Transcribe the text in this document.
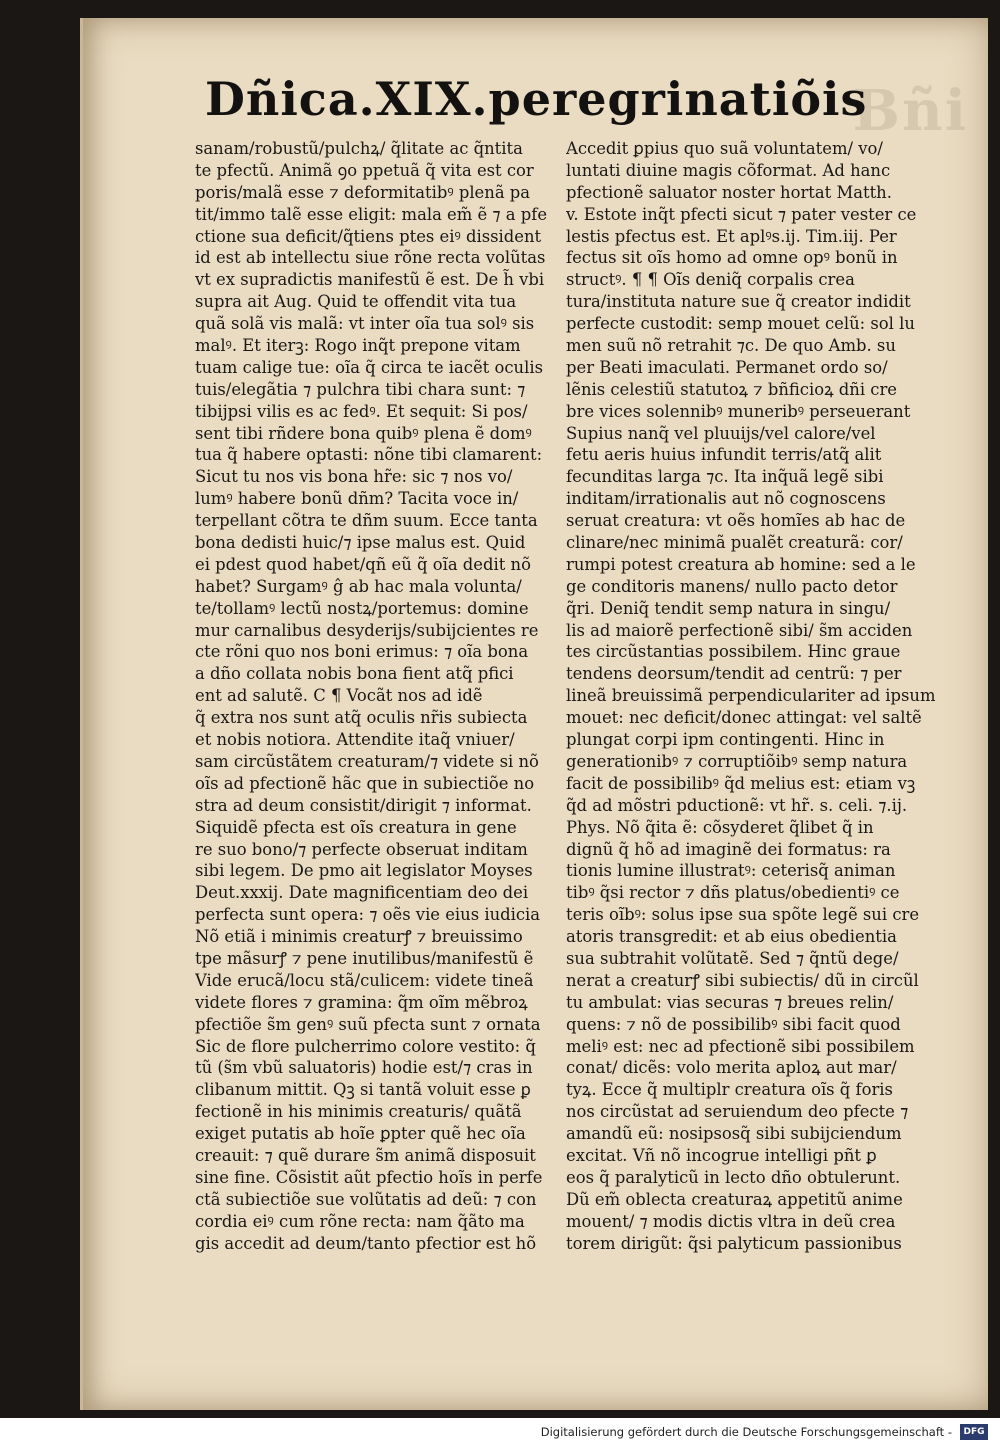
Bñi
Dñica.XIX.peregrinatiõis
sanam/robustũ/pulchꝝ/ q̃litate ac q̃ntita
te pfectũ. Animã ꝯo ppetuã q̃ vita est cor
poris/malã esse ⁊ deformitatibꝰ plenã pa
tit/immo talẽ esse eligit: mala em̃ ẽ ⁊ a pfe
ctione sua deficit/q̃tiens ptes eiꝰ dissident
id est ab intellectu siue rõne recta volũtas
vt ex supradictis manifestũ ẽ est. De h̃ vbi
supra ait Aug. Quid te offendit vita tua
quã solã vis malã: vt inter oĩa tua solꝰ sis
malꝰ. Et iterꝫ: Rogo inq̃t prepone vitam
tuam calige tue: oĩa q̃ circa te iacẽt oculis
tuis/elegãtia ⁊ pulchra tibi chara sunt: ⁊
tibijpsi vilis es ac fedꝰ. Et sequit: Si pos/
sent tibi rñdere bona quibꝰ plena ẽ domꝰ
tua q̃ habere optasti: nõne tibi clamarent:
Sicut tu nos vis bona hr̃e: sic ⁊ nos vo/
lumꝰ habere bonũ dñm? Tacita voce in/
terpellant cõtra te dñm suum. Ecce tanta
bona dedisti huic/⁊ ipse malus est. Quid
ei pdest quod habet/qñ eũ q̃ oĩa dedit nõ
habet? Surgamꝰ ĝ ab hac mala volunta/
te/tollamꝰ lectũ nostꝝ/portemus: domine
mur carnalibus desyderijs/subijcientes re
cte rõni quo nos boni erimus: ⁊ oĩa bona
a dño collata nobis bona fient atq̃ pfici
ent ad salutẽ. C ¶ Vocãt nos ad idẽ
q̃ extra nos sunt atq̃ oculis nr̃is subiecta
et nobis notiora. Attendite itaq̃ vniuer/
sam circũstãtem creaturam/⁊ videte si nõ
oĩs ad pfectionẽ hãc que in subiectiõe no
stra ad deum consistit/dirigit ⁊ informat.
Siquidẽ pfecta est oĩs creatura in gene
re suo bono/⁊ perfecte obseruat inditam
sibi legem. De pmo ait legislator Moyses
Deut.xxxij. Date magnificentiam deo dei
perfecta sunt opera: ⁊ oẽs vie eius iudicia
Nõ etiã i minimis creaturꝭ ⁊ breuissimo
tpe mãsurꝭ ⁊ pene inutilibus/manifestũ ẽ
Vide erucã/locu stã/culicem: videte tineã
videte flores ⁊ gramina: q̃m oĩm mẽbroꝝ
pfectiõe s̃m genꝰ suũ pfecta sunt ⁊ ornata
Sic de flore pulcherrimo colore vestito: q̃
tũ (s̃m vbũ saluatoris) hodie est/⁊ cras in
clibanum mittit. Qꝫ si tantã voluit esse ꝑ
fectionẽ in his minimis creaturis/ quãtã
exiget putatis ab hoĩe ꝑpter quẽ hec oĩa
creauit: ⁊ quẽ durare s̃m animã disposuit
sine fine. Cõsistit aũt pfectio hoĩs in perfe
ctã subiectiõe sue volũtatis ad deũ: ⁊ con
cordia eiꝰ cum rõne recta: nam q̃ãto ma
gis accedit ad deum/tanto pfectior est hõ
Accedit ꝑpius quo suã voluntatem/ vo/
luntati diuine magis cõformat. Ad hanc
pfectionẽ saluator noster hortat Matth.
v. Estote inq̃t pfecti sicut ⁊ pater vester ce
lestis pfectus est. Et aplꝰs.ij. Tim.iij. Per
fectus sit oĩs homo ad omne opꝰ bonũ in
structꝰ. ¶ ¶ Oĩs deniq̃ corpalis crea
tura/instituta nature sue q̃ creator indidit
perfecte custodit: semp mouet celũ: sol lu
men suũ nõ retrahit ⁊c. De quo Amb. su
per Beati imaculati. Permanet ordo so/
lẽnis celestiũ statutoꝝ ⁊ bñficioꝝ dñi cre
bre vices solennibꝰ muneribꝰ perseuerant
Supius nanq̃ vel pluuijs/vel calore/vel
fetu aeris huius infundit terris/atq̃ alit
fecunditas larga ⁊c. Ita inq̃uã legẽ sibi
inditam/irrationalis aut nõ cognoscens
seruat creatura: vt oẽs homĩes ab hac de
clinare/nec minimã pualẽt creaturã: cor/
rumpi potest creatura ab homine: sed a le
ge conditoris manens/ nullo pacto detor
q̃ri. Deniq̃ tendit semp natura in singu/
lis ad maiorẽ perfectionẽ sibi/ s̃m acciden
tes circũstantias possibilem. Hinc graue
tendens deorsum/tendit ad centrũ: ⁊ per
lineã breuissimã perpendiculariter ad ipsum
mouet: nec deficit/donec attingat: vel saltẽ
plungat corpi ipm contingenti. Hinc in
generationibꝰ ⁊ corruptiõibꝰ semp natura
facit de possibilibꝰ q̃d melius est: etiam vꝫ
q̃d ad mõstri pductionẽ: vt hr̃. s. celi. ⁊.ij.
Phys. Nõ q̃ita ẽ: cõsyderet q̃libet q̃ in
dignũ q̃ hõ ad imaginẽ dei formatus: ra
tionis lumine illustratꝰ: ceterisq̃ animan
tibꝰ q̃si rector ⁊ dñs platus/obedientiꝰ ce
teris oĩbꝰ: solus ipse sua spõte legẽ sui cre
atoris transgredit: et ab eius obedientia
sua subtrahit volũtatẽ. Sed ⁊ q̃ntũ dege/
nerat a creaturꝭ sibi subiectis/ dũ in circũl
tu ambulat: vias securas ⁊ breues relin/
quens: ⁊ nõ de possibilibꝰ sibi facit quod
meliꝰ est: nec ad pfectionẽ sibi possibilem
conat/ dicẽs: volo merita aploꝝ aut mar/
tyꝝ. Ecce q̃ multiplr creatura oĩs q̃ foris
nos circũstat ad seruiendum deo pfecte ⁊
amandũ eũ: nosipsosq̃ sibi subijciendum
excitat. Vñ nõ incogrue intelligi pñt ꝑ
eos q̃ paralyticũ in lecto dño obtulerunt.
Dũ em̃ oblecta creaturaꝝ appetitũ anime
mouent/ ⁊ modis dictis vltra in deũ crea
torem dirigũt: q̃si palyticum passionibus
Digitalisierung gefördert durch die Deutsche Forschungsgemeinschaft -	DFG
